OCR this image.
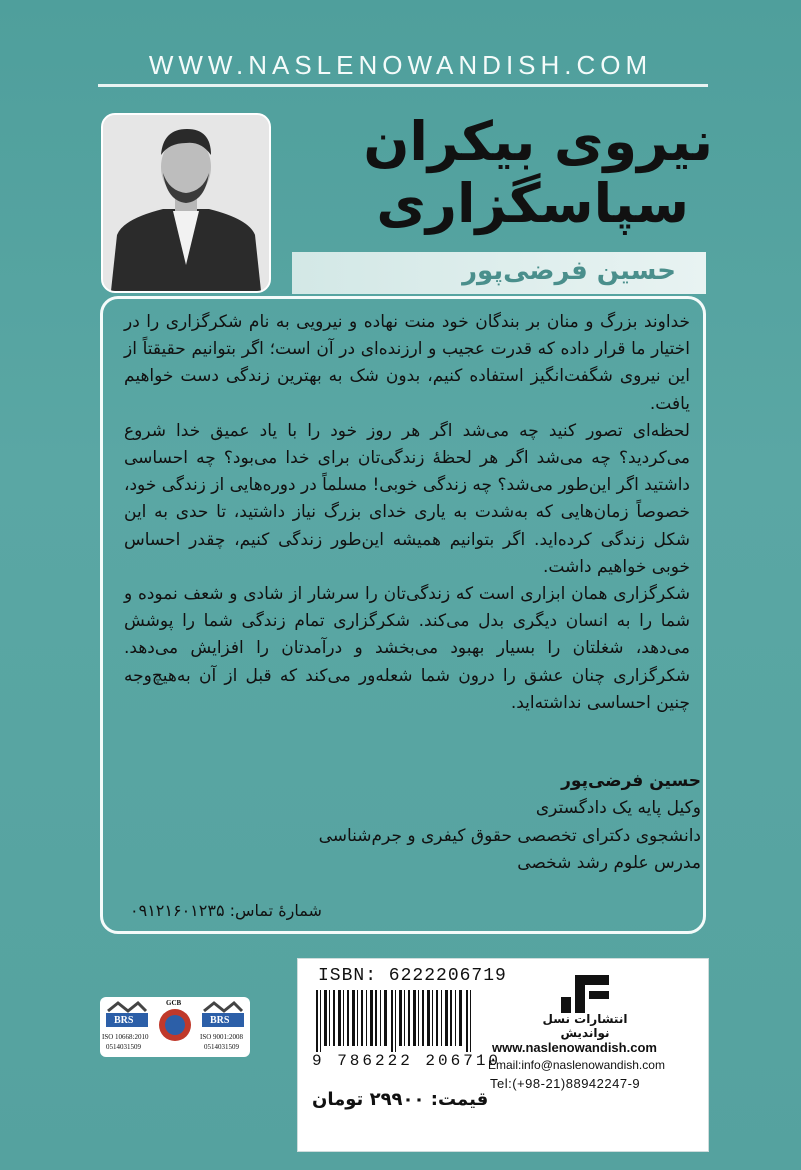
WWW.NASLENOWANDISH.COM
نیروی بیکران
سپاسگزاری
حسین فرضی‌پور

خداوند بزرگ و منان بر بندگان خود منت نهاده و نیرویی به نام شکرگزاری را در اختیار ما قرار داده که قدرت عجیب و ارزنده‌ای در آن است؛ اگر بتوانیم حقیقتاً از این نیروی شگفت‌انگیز استفاده کنیم، بدون شک به بهترین زندگی دست خواهیم یافت.

لحظه‌ای تصور کنید چه می‌شد اگر هر روز خود را با یاد عمیق خدا شروع می‌کردید؟ چه می‌شد اگر هر لحظهٔ زندگی‌تان برای خدا می‌بود؟ چه احساسی داشتید اگر این‌طور می‌شد؟ چه زندگی خوبی! مسلماً در دوره‌هایی از زندگی خود، خصوصاً زمان‌هایی که به‌شدت به یاری خدای بزرگ نیاز داشتید، تا حدی به این شکل زندگی کرده‌اید. اگر بتوانیم همیشه این‌طور زندگی کنیم، چقدر احساس خوبی خواهیم داشت.

شکرگزاری همان ابزاری است که زندگی‌تان را سرشار از شادی و شعف نموده و شما را به انسان دیگری بدل می‌کند. شکرگزاری تمام زندگی شما را پوشش می‌دهد، شغلتان را بسیار بهبود می‌بخشد و درآمدتان را افزایش می‌دهد. شکرگزاری چنان عشق را درون شما شعله‌ور می‌کند که قبل از آن به‌هیچ‌وجه چنین احساسی نداشته‌اید.

حسین فرضی‌پور
وکیل پایه یک دادگستری
دانشجوی دکترای تخصصی حقوق کیفری و جرم‌شناسی
مدرس علوم رشد شخصی
شمارهٔ تماس: ۰۹۱۲۱۶۰۱۲۳۵
BRS
ISO 10668:2010
0514031509
GCB
BRS
ISO 9001:2008
0514031509
ISBN: 6222206719
9 786222 206710
قیمت: ۲۹۹۰۰ تومان
انتشارات نسل نواندیش
www.naslenowandish.com
Email:info@naslenowandish.com
Tel:(+98-21)88942247-9
